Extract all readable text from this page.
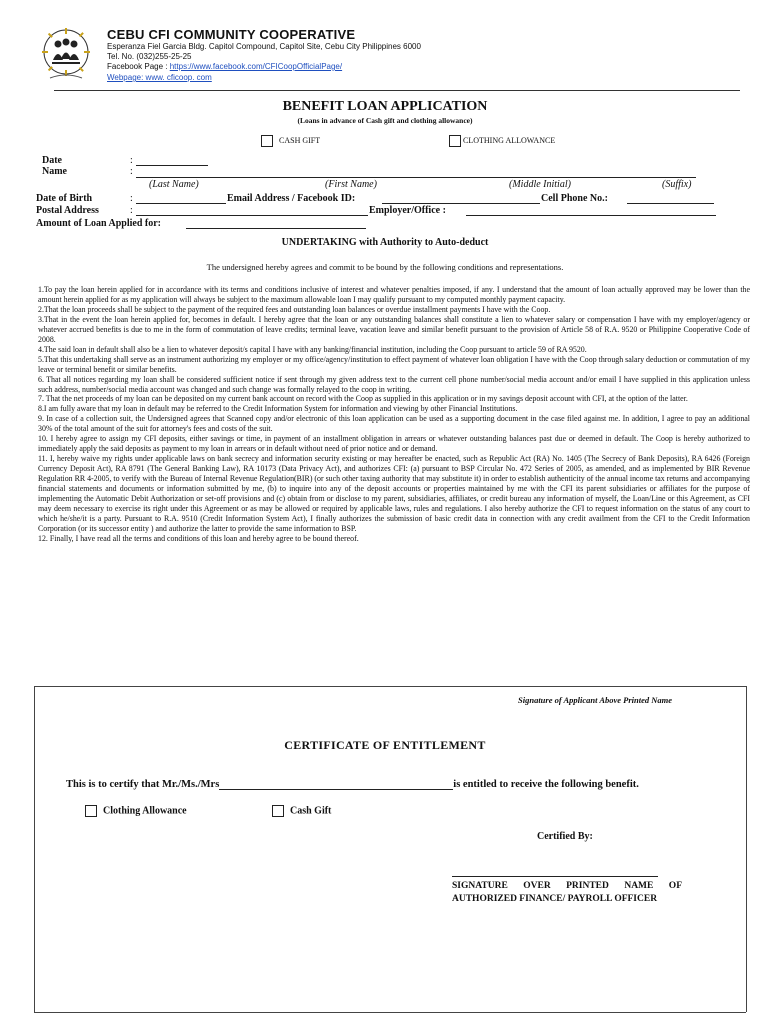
CEBU CFI COMMUNITY COOPERATIVE
Esperanza Fiel Garcia Bldg. Capitol Compound, Capitol Site, Cebu City Philippines 6000
Tel. No. (032)255-25-25
Facebook Page : https://www.facebook.com/CFICoopOfficialPage/
Webpage: www. cficoop. com
BENEFIT LOAN APPLICATION
(Loans in advance of Cash gift and clothing allowance)
CASH GIFT	CLOTHING ALLOWANCE
Date	:
Name	:
(Last Name)	(First Name)	(Middle Initial)	(Suffix)
Date of Birth	:	Email Address / Facebook ID:	Cell Phone No.:
Postal Address	:	Employer/Office :
Amount of Loan Applied for:
UNDERTAKING with Authority to Auto-deduct
The undersigned hereby agrees and commit to be bound by the following conditions and representations.

1.To pay the loan herein applied for in accordance with its terms and conditions inclusive of interest and whatever penalties imposed, if any. I understand that the amount of loan actually approved may be lower than the amount herein applied for as my application will always be subject to the maximum allowable loan I may qualify pursuant to my computed monthly payment capacity.

2.That the loan proceeds shall be subject to the payment of the required fees and outstanding loan balances or overdue installment payments I have with the Coop.

3.That in the event the loan herein applied for, becomes in default. I hereby agree that the loan or any outstanding balances shall constitute a lien to whatever salary or compensation I have with my employer/agency or whatever accrued benefits is due to me in the form of commutation of leave credits; terminal leave, vacation leave and similar benefit pursuant to the provision of Article 58 of R.A. 9520 or Philippine Cooperative Code of 2008.

4.The said loan in default shall also be a lien to whatever deposit/s capital I have with any banking/financial institution, including the Coop pursuant to article 59 of RA 9520.

5.That this undertaking shall serve as an instrument authorizing my employer or my office/agency/institution to effect payment of whatever loan obligation I have with the Coop through salary deduction or commutation of my leave or terminal benefit or similar benefits.

6. That all notices regarding my loan shall be considered sufficient notice if sent through my given address text to the current cell phone number/social media account and/or email I have supplied in this application unless such address, number/social media account was changed and such change was formally relayed to the coop in writing.

7. That the net proceeds of my loan can be deposited on my current bank account on record with the Coop as supplied in this application or in my savings deposit account with CFI, at the option of the latter.

8.I am fully aware that my loan in default may be referred to the Credit Information System for information and viewing by other Financial Institutions.

9. In case of a collection suit, the Undersigned agrees that Scanned copy and/or electronic of this loan application can be used as a supporting document in the case filed against me. In addition, I agree to pay an additional 30% of the total amount of the suit for attorney's fees and costs of the suit.

10. I hereby agree to assign my CFI deposits, either savings or time, in payment of an installment obligation in arrears or whatever outstanding balances past due or deemed in default. The Coop is hereby authorized to immediately apply the said deposits as payment to my loan in arrears or in default without need of prior notice and or demand.

11. I, hereby waive my rights under applicable laws on bank secrecy and information security existing or may hereafter be enacted, such as Republic Act (RA) No. 1405 (The Secrecy of Bank Deposits), RA 6426 (Foreign Currency Deposit Act), RA 8791 (The General Banking Law), RA 10173 (Data Privacy Act), and authorizes CFI: (a) pursuant to BSP Circular No. 472 Series of 2005, as amended, and as implemented by BIR Revenue Regulation RR 4-2005, to verify with the Bureau of Internal Revenue Regulation(BIR) (or such other taxing authority that may substitute it) in order to establish authenticity of the annual income tax returns and accompanying financial statements and documents or information submitted by me, (b) to inquire into any of the deposit accounts or properties maintained by me with the CFI its parent subsidiaries or affiliates for the purpose of implementing the Automatic Debit Authorization or set-off provisions and (c) obtain from or disclose to my parent, subsidiaries, affiliates, or credit bureau any information of myself, the Loan/Line or this Agreement, as CFI may deem necessary to exercise its right under this Agreement or as may be allowed or required by applicable laws, rules and regulations. I also hereby authorize the CFI to request information on the status of any court to which he/she/it is a party. Pursuant to R.A. 9510 (Credit Information System Act), I finally authorizes the submission of basic credit data in connection with any credit availment from the CFI to the Credit Information Corporation (or its successor entity ) and authorize the latter to provide the same information to BSP.

12. Finally, I have read all the terms and conditions of this loan and hereby agree to be bound thereof.

Signature of Applicant Above Printed Name
CERTIFICATE OF ENTITLEMENT
This is to certify that Mr./Ms./Mrs	is entitled to receive the following benefit.
Clothing Allowance	Cash Gift
Certified By:
SIGNATURE OVER PRINTED NAME OF
AUTHORIZED FINANCE/ PAYROLL OFFICER
